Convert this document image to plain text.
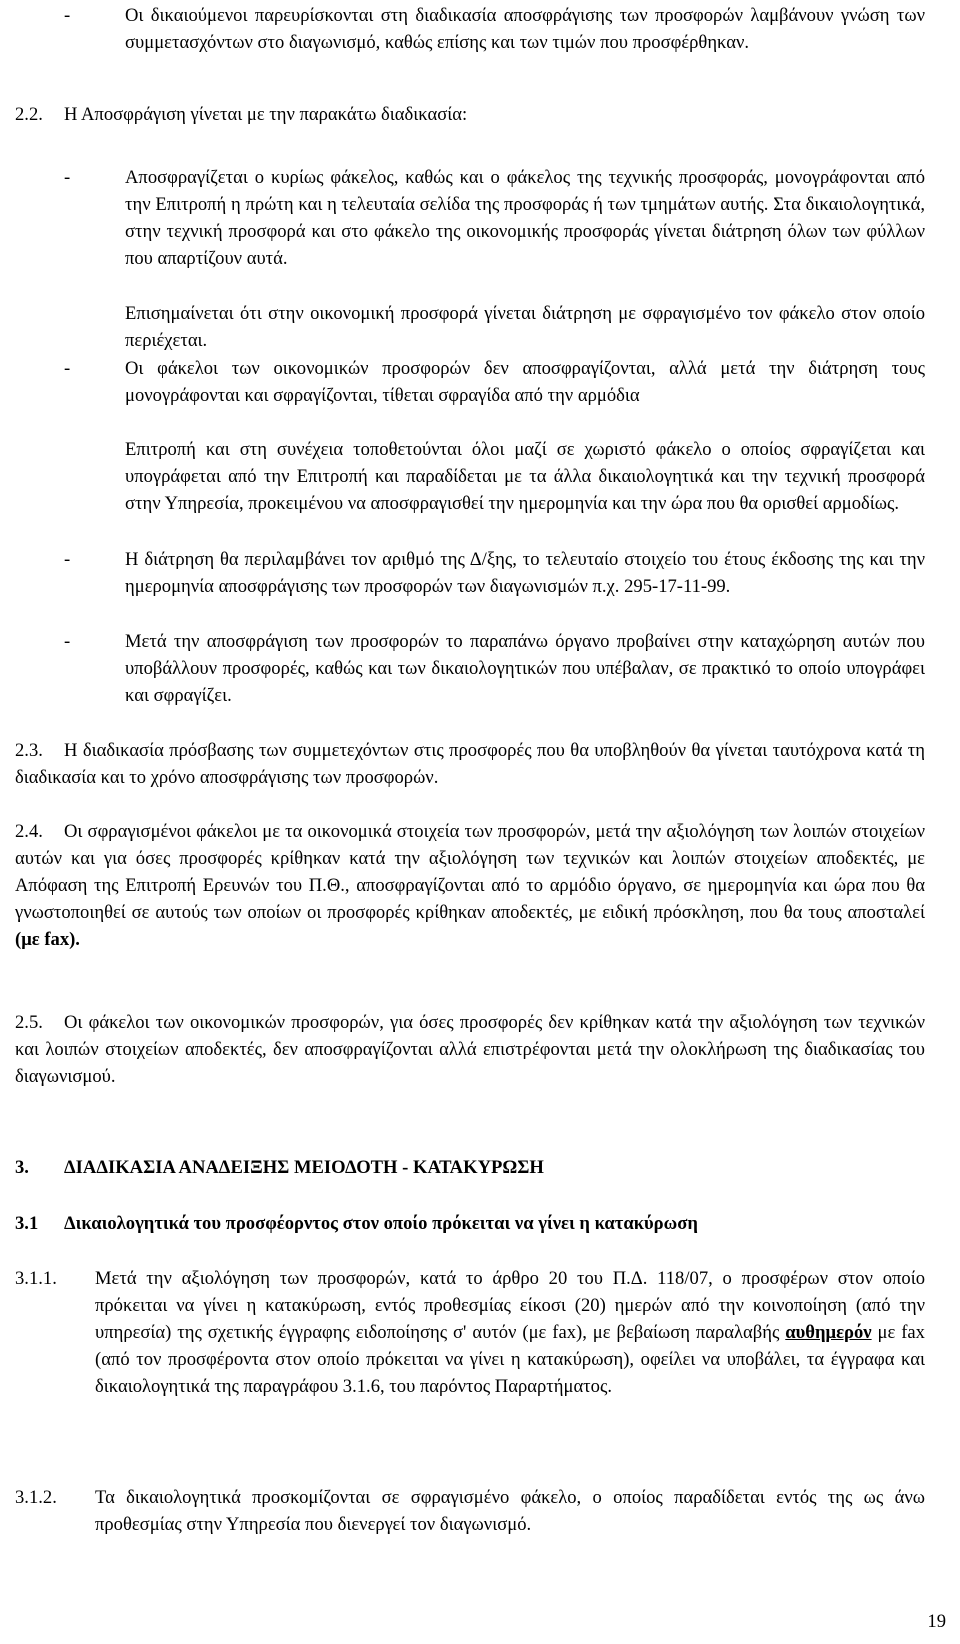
-	Οι δικαιούμενοι παρευρίσκονται στη διαδικασία αποσφράγισης των προσφορών λαμβάνουν γνώση των συμμετασχόντων στο διαγωνισμό, καθώς επίσης και των τιμών που προσφέρθηκαν.

2.2. Η Αποσφράγιση γίνεται με την παρακάτω διαδικασία:

-	Αποσφραγίζεται ο κυρίως φάκελος, καθώς και ο φάκελος της τεχνικής προσφοράς, μονογράφονται από την Επιτροπή η πρώτη και η τελευταία σελίδα της προσφοράς ή των τμημάτων αυτής. Στα δικαιολογητικά, στην τεχνική προσφορά και στο φάκελο της οικονομικής προσφοράς γίνεται διάτρηση όλων των φύλλων που απαρτίζουν αυτά.

Επισημαίνεται ότι στην οικονομική προσφορά γίνεται διάτρηση με σφραγισμένο τον φάκελο στον οποίο περιέχεται.

-	Οι φάκελοι των οικονομικών προσφορών δεν αποσφραγίζονται, αλλά μετά την διάτρηση τους μονογράφονται και σφραγίζονται, τίθεται σφραγίδα από την αρμόδια

Επιτροπή και στη συνέχεια τοποθετούνται όλοι μαζί σε χωριστό φάκελο ο οποίος σφραγίζεται και υπογράφεται από την Επιτροπή και παραδίδεται με τα άλλα δικαιολογητικά και την τεχνική προσφορά στην Υπηρεσία, προκειμένου να αποσφραγισθεί την ημερομηνία και την ώρα που θα ορισθεί αρμοδίως.

-	Η διάτρηση θα περιλαμβάνει τον αριθμό της Δ/ξης, το τελευταίο στοιχείο του έτους έκδοσης της και την ημερομηνία αποσφράγισης των προσφορών των διαγωνισμών π.χ. 295-17-11-99.

-	Μετά την αποσφράγιση των προσφορών το παραπάνω όργανο προβαίνει στην καταχώρηση αυτών που υποβάλλουν προσφορές, καθώς και των δικαιολογητικών που υπέβαλαν, σε πρακτικό το οποίο υπογράφει και σφραγίζει.

2.3. Η διαδικασία πρόσβασης των συμμετεχόντων στις προσφορές που θα υποβληθούν θα γίνεται ταυτόχρονα κατά τη διαδικασία και το χρόνο αποσφράγισης των προσφορών.

2.4. Οι σφραγισμένοι φάκελοι με τα οικονομικά στοιχεία των προσφορών, μετά την αξιολόγηση των λοιπών στοιχείων αυτών και για όσες προσφορές κρίθηκαν κατά την αξιολόγηση των τεχνικών και λοιπών στοιχείων αποδεκτές, με Απόφαση της Επιτροπή Ερευνών του Π.Θ., αποσφραγίζονται από το αρμόδιο όργανο, σε ημερομηνία και ώρα που θα γνωστοποιηθεί σε αυτούς των οποίων οι προσφορές κρίθηκαν αποδεκτές, με ειδική πρόσκληση, που θα τους αποσταλεί (με fax).

2.5. Οι φάκελοι των οικονομικών προσφορών, για όσες προσφορές δεν κρίθηκαν κατά την αξιολόγηση των τεχνικών και λοιπών στοιχείων αποδεκτές, δεν αποσφραγίζονται αλλά επιστρέφονται μετά την ολοκλήρωση της διαδικασίας του διαγωνισμού.

3. ΔΙΑΔΙΚΑΣΙΑ ΑΝΑΔΕΙΞΗΣ ΜΕΙΟΔΟΤΗ - ΚΑΤΑΚΥΡΩΣΗ
3.1 Δικαιολογητικά του προσφέορντος στον οποίο πρόκειται να γίνει η κατακύρωση
3.1.1. Μετά την αξιολόγηση των προσφορών, κατά το άρθρο 20 του Π.Δ. 118/07, ο προσφέρων στον οποίο πρόκειται να γίνει η κατακύρωση, εντός προθεσμίας είκοσι (20) ημερών από την κοινοποίηση (από την υπηρεσία) της σχετικής έγγραφης ειδοποίησης σ' αυτόν (με fax), με βεβαίωση παραλαβής αυθημερόν με fax (από τον προσφέροντα στον οποίο πρόκειται να γίνει η κατακύρωση), οφείλει να υποβάλει, τα έγγραφα και δικαιολογητικά της παραγράφου 3.1.6, του παρόντος Παραρτήματος.

3.1.2. Τα δικαιολογητικά προσκομίζονται σε σφραγισμένο φάκελο, ο οποίος παραδίδεται εντός της ως άνω προθεσμίας στην Υπηρεσία που διενεργεί τον διαγωνισμό.

19
